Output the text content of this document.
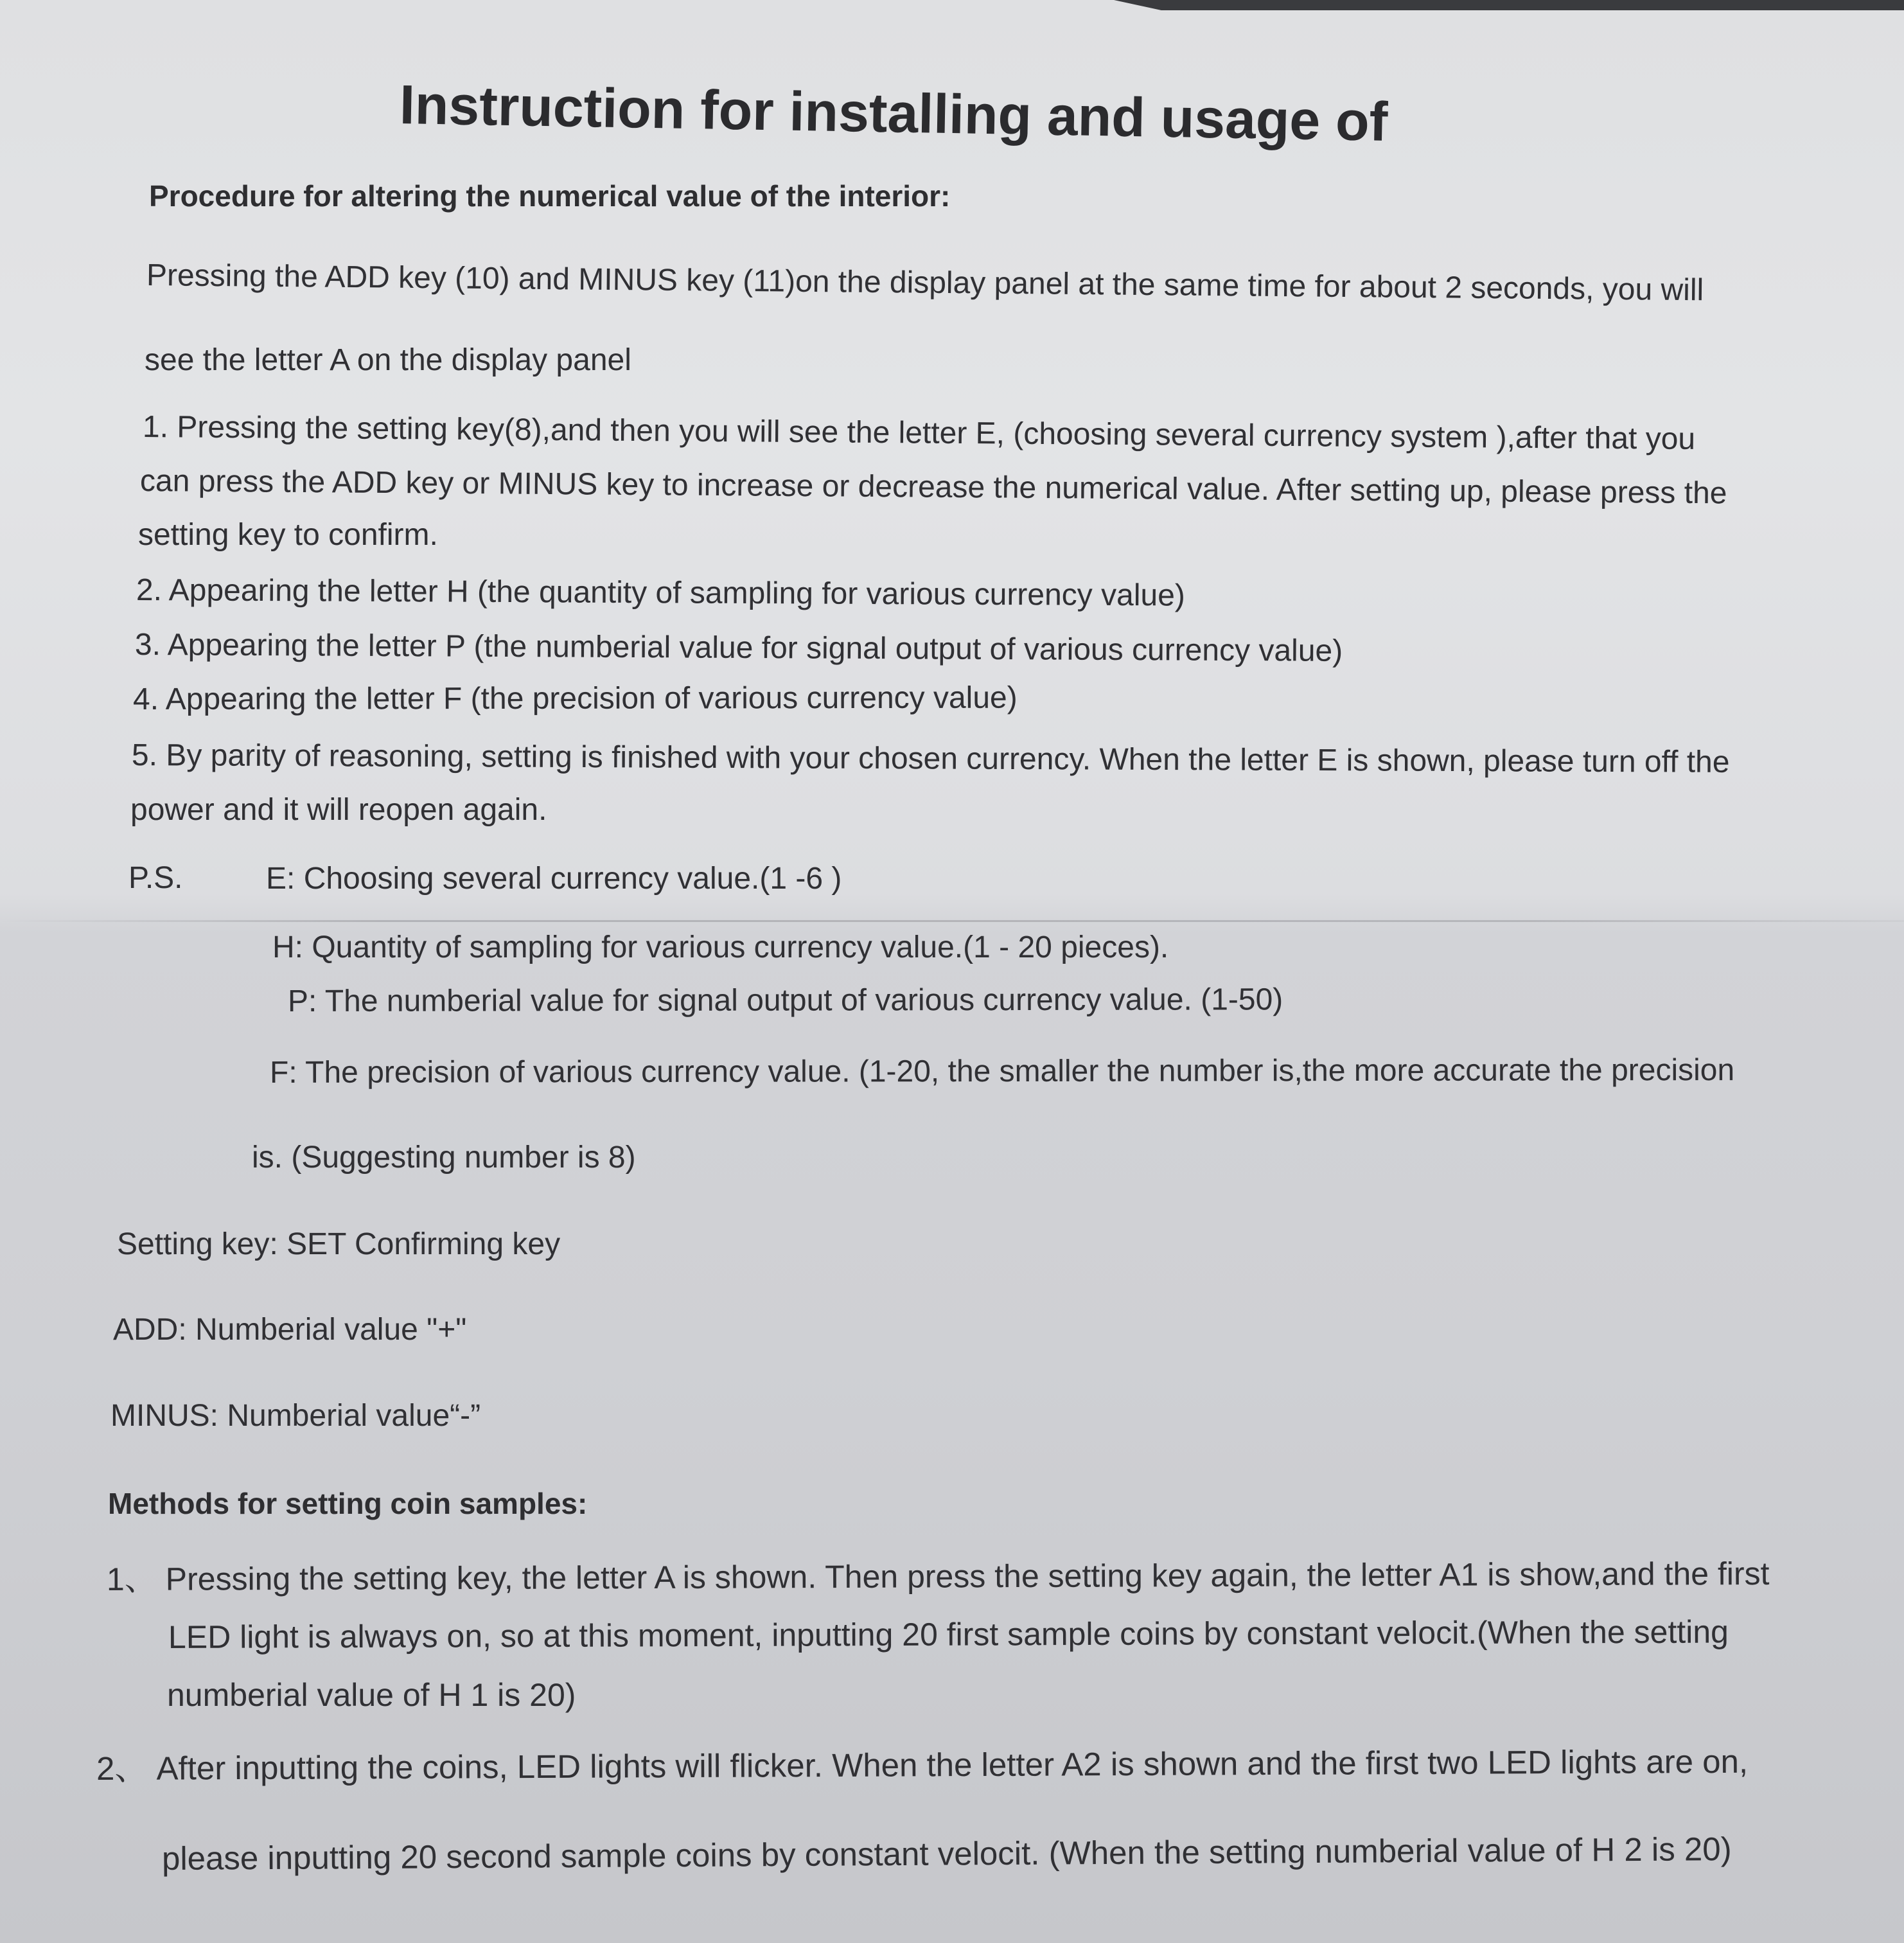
Instruction for installing and usage of
Procedure for altering the numerical value of the interior:
Pressing the ADD key (10) and MINUS key (11)on the display panel at the same time for about 2 seconds, you will
see the letter A on the display panel
1. Pressing the setting key(8),and then you will see the letter E, (choosing several currency system ),after that you
can press the ADD key or MINUS key to increase or decrease the numerical value. After setting up, please press the
setting key to confirm.
2. Appearing the letter H (the quantity of sampling for various currency value)
3. Appearing the letter P (the numberial value for signal output of various currency value)
4. Appearing the letter F (the precision of various currency value)
5. By parity of reasoning, setting is finished with your chosen currency. When the letter E is shown, please turn off the
power and it will reopen again.
P.S.	E: Choosing several currency value.(1 -6 )
H: Quantity of sampling for various currency value.(1 - 20 pieces).
P: The numberial value for signal output of various currency value. (1-50)
F: The precision of various currency value. (1-20, the smaller the number is,the more accurate the precision
is. (Suggesting number is 8)
Setting key: SET Confirming key
ADD: Numberial value "+"
MINUS: Numberial value“-”
Methods for setting coin samples:
1、 Pressing the setting key, the letter A is shown. Then press the setting key again, the letter A1 is show,and the first
LED light is always on, so at this moment, inputting 20 first sample coins by constant velocit.(When the setting
numberial value of H 1 is 20)
2、 After inputting the coins, LED lights will flicker. When the letter A2 is shown and the first two LED lights are on,
please inputting 20 second sample coins by constant velocit. (When the setting numberial value of H 2 is 20)
